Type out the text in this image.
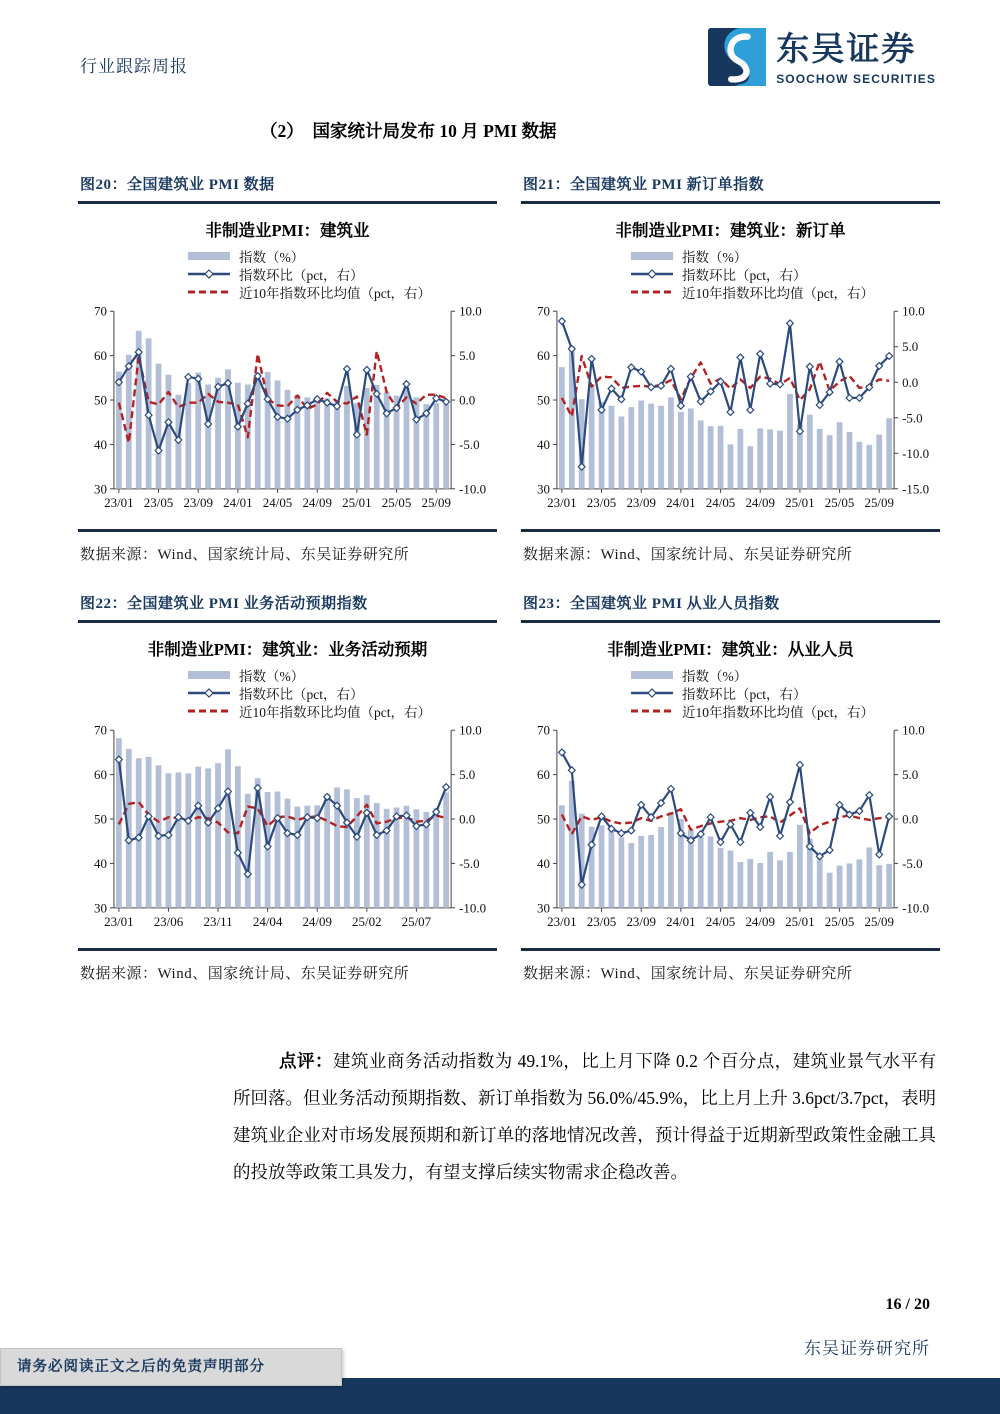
行业跟踪周报	东吴证券
SOOCHOW SECURITIES
（2）　国家统计局发布 10 月 PMI 数据
图20：全国建筑业 PMI 数据
非制造业PMI：建筑业
指数（%）
指数环比（pct，右）
近10年指数环比均值（pct，右）
70
60
50
40
30
10.0
5.0
0.0
-5.0
-10.0
23/01 23/05 23/09 24/01 24/05 24/09 25/01 25/05 25/09
数据来源：Wind、国家统计局、东吴证券研究所
图21：全国建筑业 PMI 新订单指数
非制造业PMI：建筑业：新订单
指数（%）
指数环比（pct，右）
近10年指数环比均值（pct，右）
70
60
50
40
30
10.0
5.0
0.0
-5.0
-10.0
-15.0
23/01 23/05 23/09 24/01 24/05 24/09 25/01 25/05 25/09
数据来源：Wind、国家统计局、东吴证券研究所
图22：全国建筑业 PMI 业务活动预期指数
非制造业PMI：建筑业：业务活动预期
指数（%）
指数环比（pct，右）
近10年指数环比均值（pct，右）
70
60
50
40
30
10.0
5.0
0.0
-5.0
-10.0
23/01 23/06 23/11 24/04 24/09 25/02 25/07
数据来源：Wind、国家统计局、东吴证券研究所
图23：全国建筑业 PMI 从业人员指数
非制造业PMI：建筑业：从业人员
指数（%）
指数环比（pct，右）
近10年指数环比均值（pct，右）
70
60
50
40
30
10.0
5.0
0.0
-5.0
-10.0
23/01 23/05 23/09 24/01 24/05 24/09 25/01 25/05 25/09
数据来源：Wind、国家统计局、东吴证券研究所
点评：建筑业商务活动指数为 49.1%，比上月下降 0.2 个百分点，建筑业景气水平有所回落。但业务活动预期指数、新订单指数为 56.0%/45.9%，比上月上升 3.6pct/3.7pct，表明建筑业企业对市场发展预期和新订单的落地情况改善，预计得益于近期新型政策性金融工具的投放等政策工具发力，有望支撑后续实物需求企稳改善。
16 / 20
东吴证券研究所
请务必阅读正文之后的免责声明部分
